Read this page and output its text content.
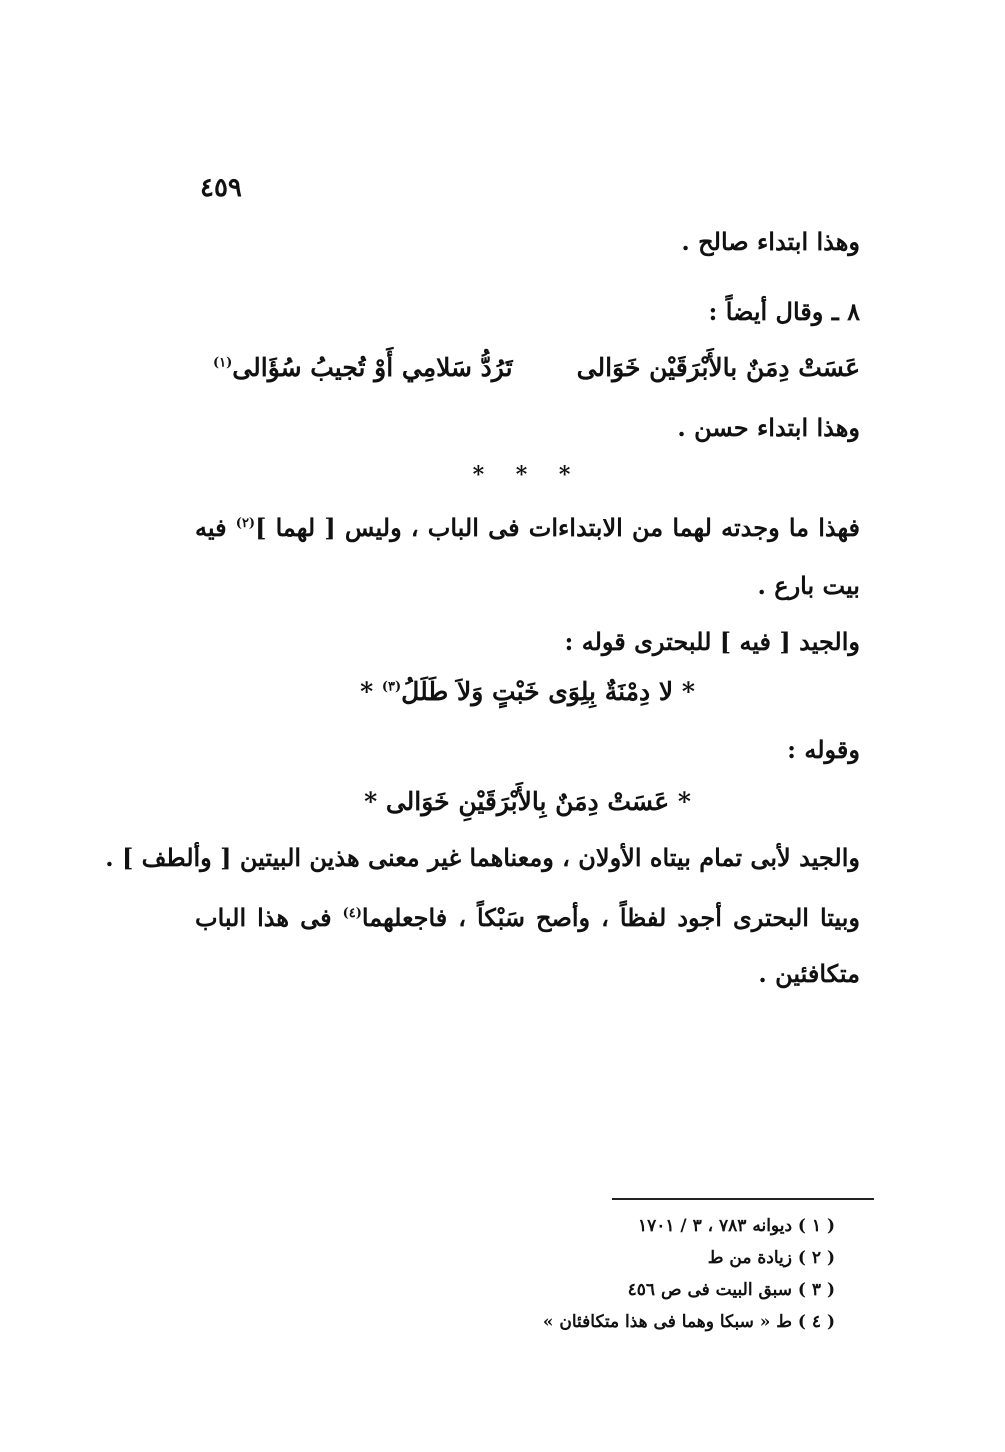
٤٥٩
وهذا ابتداء صالح .
٨ ـ وقال أيضاً :
عَسَتْ دِمَنٌ بالأَبْرَقَيْن خَوَالى
تَرُدُّ سَلامِي أَوْ تُجيبُ سُؤَالى$^{(١)}$
وهذا ابتداء حسن .
* * *
فهذا ما وجدته لهما من الابتداءات فى الباب ، وليس [ لهما ]$^{(٢)}$ فيه
بيت بارع .
والجيد [ فيه ] للبحترى قوله :
* لا دِمْنَةٌ بِلِوَى خَبْتٍ وَلاَ طَلَلُ$^{(٣)}$ *
وقوله :
* عَسَتْ دِمَنٌ بِالأَبْرَقَيْنِ خَوَالى *
والجيد لأبى تمام بيتاه الأولان ، ومعناهما غير معنى هذين البيتين [ وألطف ] .
وبيتا البحترى أجود لفظاً ، وأصح سَبْكاً ، فاجعلهما$^{(٤)}$ فى هذا الباب
متكافئين .
( ١ ) ديوانه ٧٨٣ ، ٣ / ١٧٠١
( ٢ ) زيادة من ط
( ٣ ) سبق البيت فى ص ٤٥٦
( ٤ ) ط « سبكا وهما فى هذا متكافئان »
